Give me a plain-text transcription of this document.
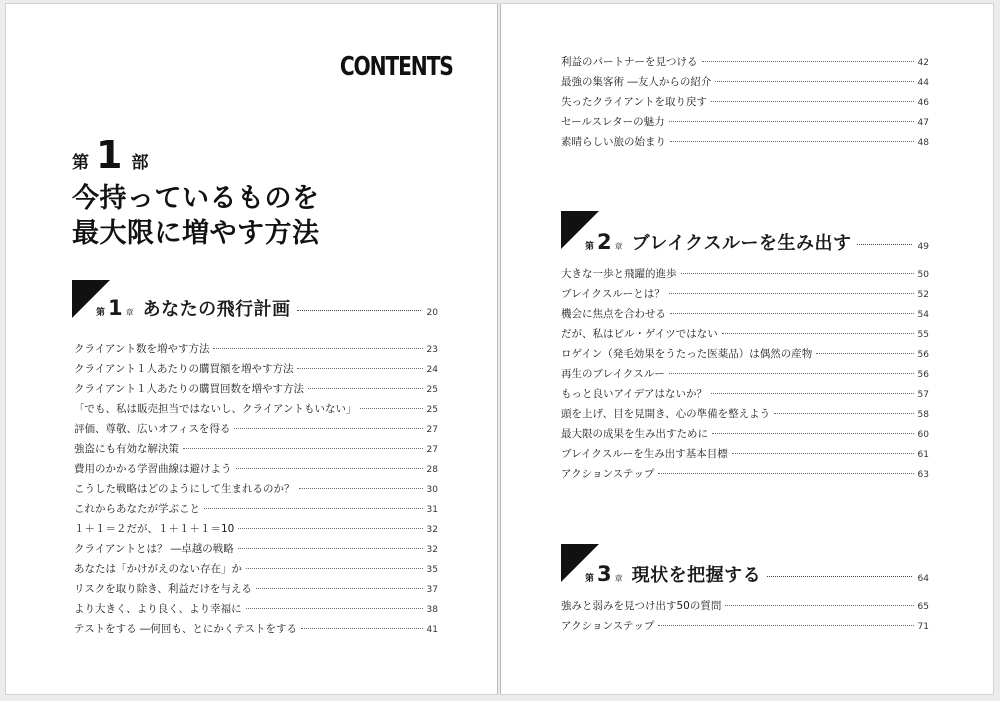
CONTENTS
第 1 部
今持っているものを
最大限に増やす方法
第 1 章 あなたの飛行計画	20
クライアント数を増やす方法	23
クライアント１人あたりの購買額を増やす方法	24
クライアント１人あたりの購買回数を増やす方法	25
「でも、私は販売担当ではないし、クライアントもいない」	25
評価、尊敬、広いオフィスを得る	27
強盗にも有効な解決策	27
費用のかかる学習曲線は避けよう	28
こうした戦略はどのようにして生まれるのか？	30
これからあなたが学ぶこと	31
１＋１＝２だが、１＋１＋１＝10	32
クライアントとは？ ―卓越の戦略	32
あなたは「かけがえのない存在」か	35
リスクを取り除き、利益だけを与える	37
より大きく、より良く、より幸福に	38
テストをする ―何回も、とにかくテストをする	41
利益のパートナーを見つける	42
最強の集客術 ―友人からの紹介	44
失ったクライアントを取り戻す	46
セールスレターの魅力	47
素晴らしい旅の始まり	48
第 2 章 ブレイクスルーを生み出す	49
大きな一歩と飛躍的進歩	50
ブレイクスルーとは？	52
機会に焦点を合わせる	54
だが、私はビル・ゲイツではない	55
ロゲイン（発毛効果をうたった医薬品）は偶然の産物	56
再生のブレイクスルー	56
もっと良いアイデアはないか？	57
頭を上げ、目を見開き、心の準備を整えよう	58
最大限の成果を生み出すために	60
ブレイクスルーを生み出す基本目標	61
アクションステップ	63
第 3 章 現状を把握する	64
強みと弱みを見つけ出す50の質問	65
アクションステップ	71
